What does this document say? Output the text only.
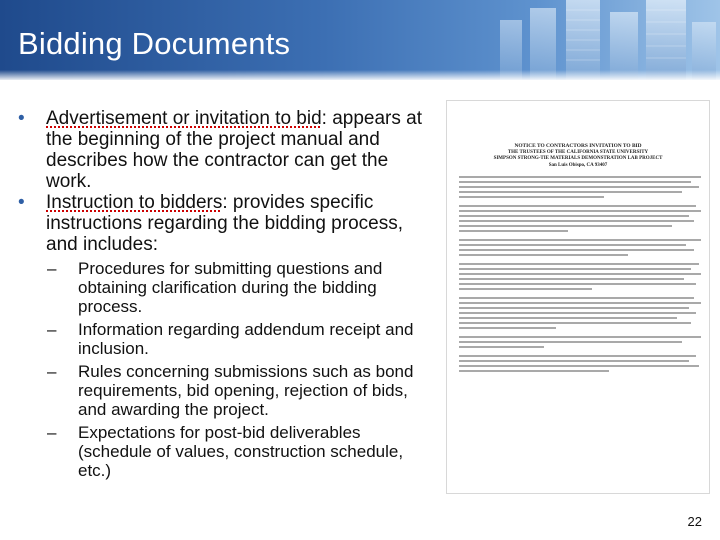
Bidding Documents
• Advertisement or invitation to bid: appears at the beginning of the project manual and describes how the contractor can get the work.
• Instruction to bidders: provides specific instructions regarding the bidding process, and includes:
– Procedures for submitting questions and obtaining clarification during the bidding process.
– Information regarding addendum receipt and inclusion.
– Rules concerning submissions such as bond requirements, bid opening, rejection of bids, and awarding the project.
– Expectations for post-bid deliverables (schedule of values, construction schedule, etc.)
NOTICE TO CONTRACTORS INVITATION TO BID
THE TRUSTEES OF THE CALIFORNIA STATE UNIVERSITY
SIMPSON STRONG-TIE MATERIALS DEMONSTRATION LAB PROJECT
San Luis Obispo, CA 93407
22
